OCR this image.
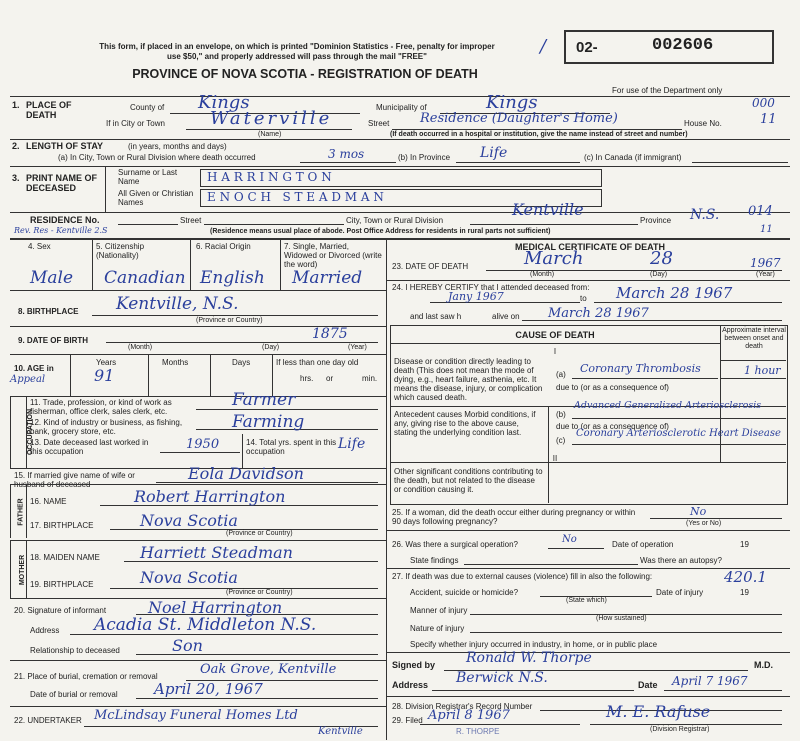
This form, if placed in an envelope, on which is printed "Dominion Statistics - Free, penalty for improper
use $50," and properly addressed will pass through the mail "FREE"
PROVINCE OF NOVA SCOTIA - REGISTRATION OF DEATH
/ 02-	002606
For use of the Department only
1. PLACE OF DEATH
County of Kings	Municipality of	Kings	000
If in City or Town	Waterville
(Name)
Street Residence (Daughter's Home)	House No.	11
(If death occurred in a hospital or institution, give the name instead of street and number)
2. LENGTH OF STAY	(in years, months and days)
(a) In City, Town or Rural Division where death occurred	3 mos	(b) In Province Life	(c) In Canada (if immigrant)
3. PRINT NAME OF DECEASED
Surname or Last Name
All Given or Christian Names
H A R R I N G T O N
E N O C H   S T E A D M A N
RESIDENCE No.	Street	City, Town or Rural Division
Kentville
Province N.S. 014
Rev. Res - Kentville 2.S	(Residence means usual place of abode. Post Office Address for residents in rural parts not sufficient)	11
4. Sex	5. Citizenship (Nationality)
6. Racial Origin	7. Single, Married, Widowed or Divorced (write the word)
Male Canadian English Married
8. BIRTHPLACE Kentville, N.S.
(Province or Country)
9. DATE OF BIRTH	1875
(Month)	(Day)	(Year)
10. AGE in
Appeal
Years	Months	Days
91
If less than one day old
hrs. or	min.
OCCUPATION
11. Trade, profession, or kind of work as fisherman, office clerk, sales clerk, etc.
Farmer
12. Kind of industry or business, as fishing, bank, grocery store, etc.	Farming
13. Date deceased last worked in this occupation	1950	14. Total yrs. spent in this occupation	Life
15. If married give name of wife or husband of deceased
Eola Davidson
FATHER 16. NAME	Robert Harrington
17. BIRTHPLACE	Nova Scotia
(Province or Country)
MOTHER 18. MAIDEN NAME	Harriett Steadman
19. BIRTHPLACE	Nova Scotia
(Province or Country)
20. Signature of informant	Noel Harrington
Address Acadia St. Middleton N.S.
Relationship to deceased	Son
21. Place of burial, cremation or removal	Oak Grove, Kentville
Date of burial or removal April 20, 1967
22. UNDERTAKER McLindsay Funeral Homes Ltd
Kentville
MEDICAL CERTIFICATE OF DEATH
23. DATE OF DEATH	March	28	1967
(Month)	(Day)	(Year)
24. I HEREBY CERTIFY that I attended deceased from:
Jany 1967	to March 28 1967
and last saw h	alive on March 28 1967
CAUSE OF DEATH	Approximate interval between onset and death
I
Disease or condition directly leading to death (This does not mean the mode of dying, e.g., heart failure, asthenia, etc. It means the disease, injury, or complication which caused death.
(a) Coronary Thrombosis	1 hour
due to (or as a consequence of)
Antecedent causes Morbid conditions, if any, giving rise to the above cause, stating the underlying condition last.
(b)
Advanced Generalized Arteriosclerosis
due to (or as a consequence of)
(c)
Coronary Arteriosclerotic Heart Disease
II
Other significant conditions contributing to the death, but not related to the disease or condition causing it.
25. If a woman, did the death occur either during pregnancy or within 90 days following pregnancy?
No
(Yes or No)
26. Was there a surgical operation?	No	Date of operation	19
State findings	Was there an autopsy?
27. If death was due to external causes (violence) fill in also the following:	420.1
Accident, suicide or homicide?
(State which)
Date of injury	19
Manner of injury
(How sustained)
Nature of injury
Specify whether injury occurred in industry, in home, or in public place
Signed by Ronald W. Thorpe	M.D.
Address Berwick N.S.	Date April 7 1967
28. Division Registrar's Record Number
29. Filed April 8 1967	M. E. Rafuse
(Division Registrar)
R. THORPE
